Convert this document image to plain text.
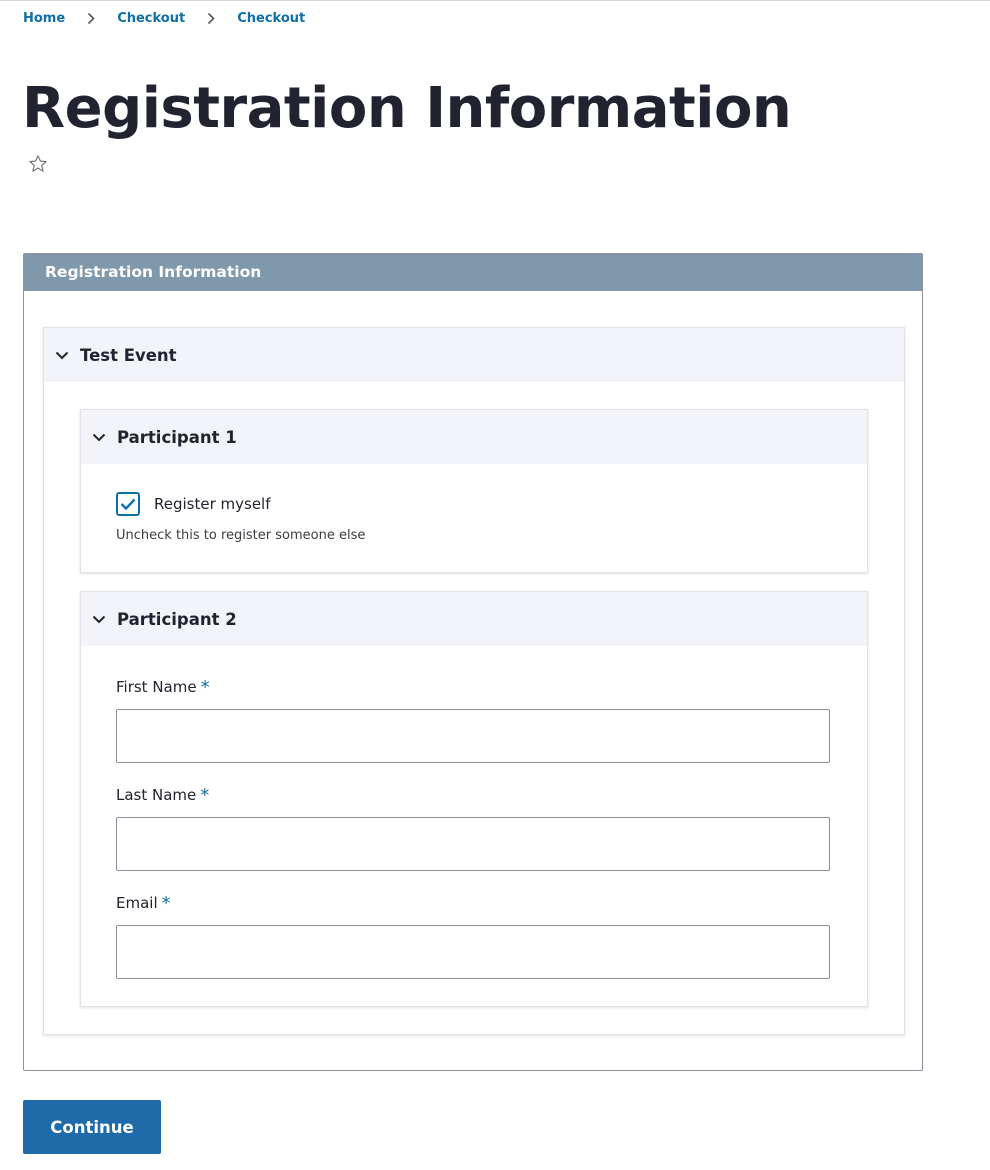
Home	Checkout	Checkout
Registration Information
Registration Information
Test Event
Participant 1
Register myself
Uncheck this to register someone else
Participant 2
First Name *
Last Name *
Email *
Continue
